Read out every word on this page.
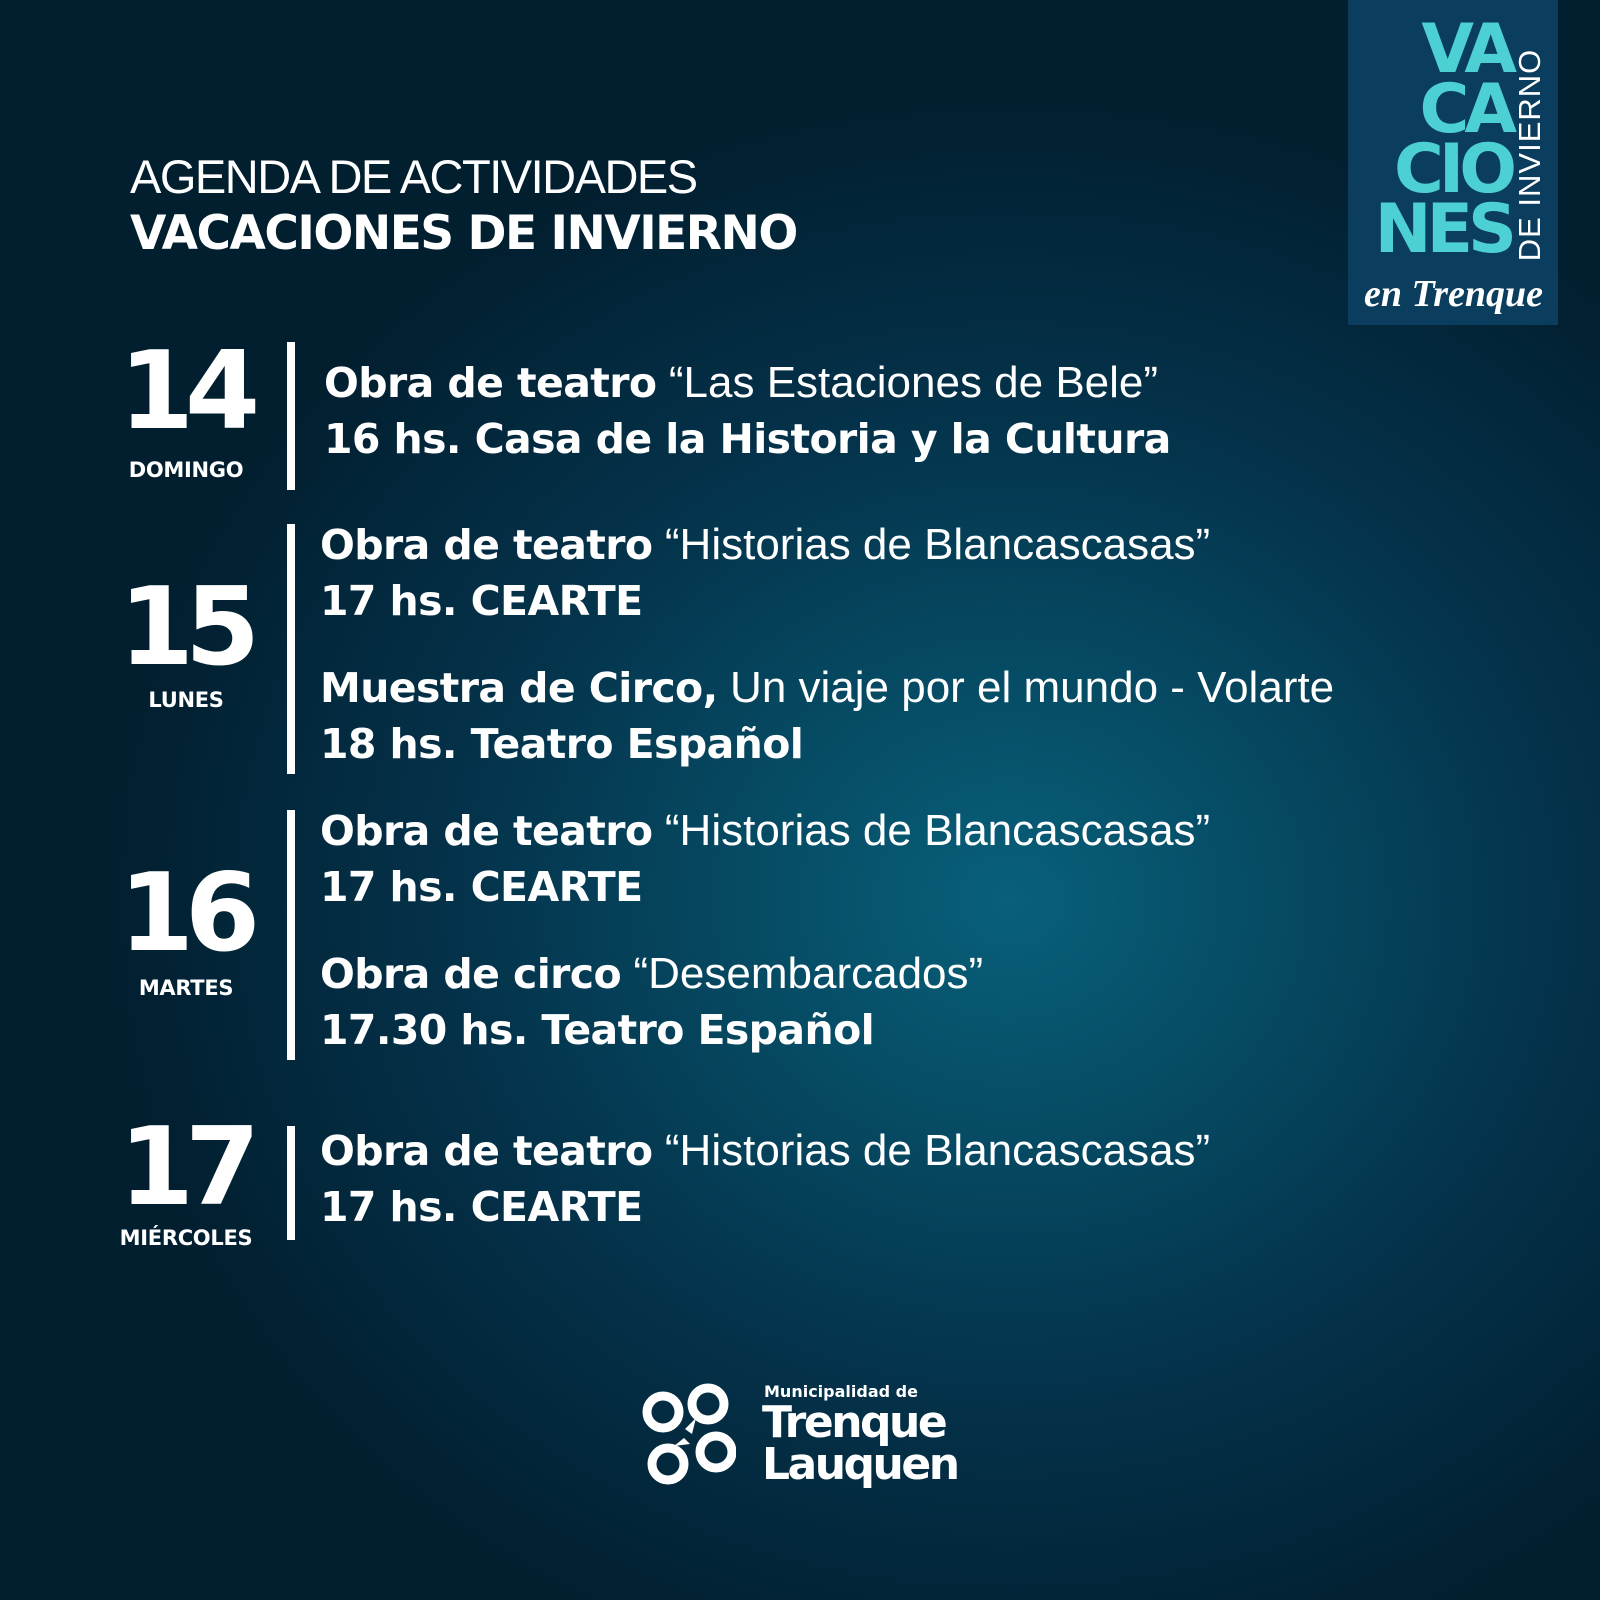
AGENDA DE ACTIVIDADES
VACACIONES DE INVIERNO
VA
CA
CIO
NES DE INVIERNO
en Trenque
14
DOMINGO
Obra de teatro “Las Estaciones de Bele”
16 hs. Casa de la Historia y la Cultura
15
LUNES
Obra de teatro “Historias de Blancascasas”
17 hs. CEARTE
Muestra de Circo, Un viaje por el mundo - Volarte
18 hs. Teatro Español
16
MARTES
Obra de teatro “Historias de Blancascasas”
17 hs. CEARTE
Obra de circo “Desembarcados”
17.30 hs. Teatro Español
17
MIÉRCOLES
Obra de teatro “Historias de Blancascasas”
17 hs. CEARTE
Municipalidad de
Trenque
Lauquen
